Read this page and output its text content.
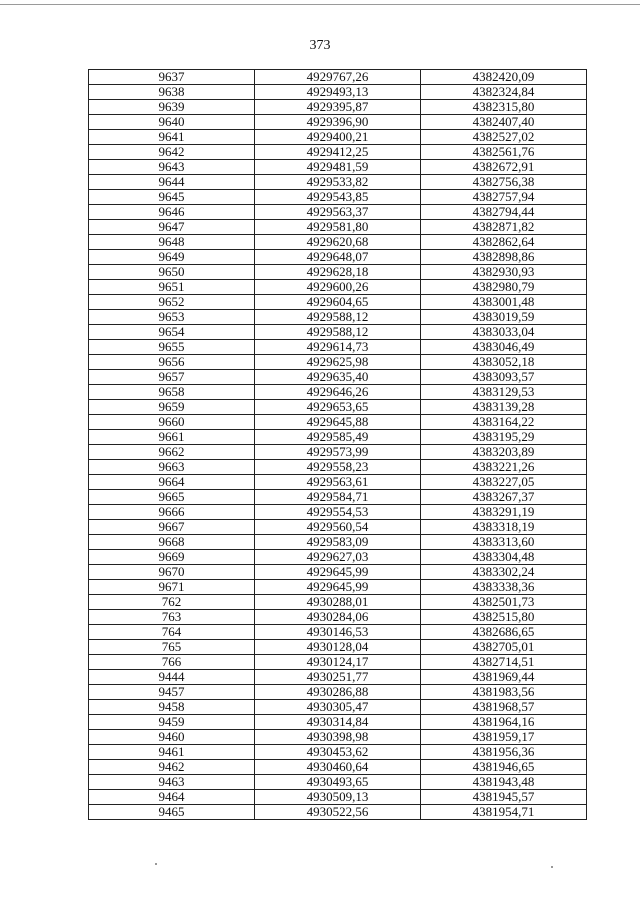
373
9637	4929767,26	4382420,09
9638	4929493,13	4382324,84
9639	4929395,87	4382315,80
9640	4929396,90	4382407,40
9641	4929400,21	4382527,02
9642	4929412,25	4382561,76
9643	4929481,59	4382672,91
9644	4929533,82	4382756,38
9645	4929543,85	4382757,94
9646	4929563,37	4382794,44
9647	4929581,80	4382871,82
9648	4929620,68	4382862,64
9649	4929648,07	4382898,86
9650	4929628,18	4382930,93
9651	4929600,26	4382980,79
9652	4929604,65	4383001,48
9653	4929588,12	4383019,59
9654	4929588,12	4383033,04
9655	4929614,73	4383046,49
9656	4929625,98	4383052,18
9657	4929635,40	4383093,57
9658	4929646,26	4383129,53
9659	4929653,65	4383139,28
9660	4929645,88	4383164,22
9661	4929585,49	4383195,29
9662	4929573,99	4383203,89
9663	4929558,23	4383221,26
9664	4929563,61	4383227,05
9665	4929584,71	4383267,37
9666	4929554,53	4383291,19
9667	4929560,54	4383318,19
9668	4929583,09	4383313,60
9669	4929627,03	4383304,48
9670	4929645,99	4383302,24
9671	4929645,99	4383338,36
762	4930288,01	4382501,73
763	4930284,06	4382515,80
764	4930146,53	4382686,65
765	4930128,04	4382705,01
766	4930124,17	4382714,51
9444	4930251,77	4381969,44
9457	4930286,88	4381983,56
9458	4930305,47	4381968,57
9459	4930314,84	4381964,16
9460	4930398,98	4381959,17
9461	4930453,62	4381956,36
9462	4930460,64	4381946,65
9463	4930493,65	4381943,48
9464	4930509,13	4381945,57
9465	4930522,56	4381954,71
